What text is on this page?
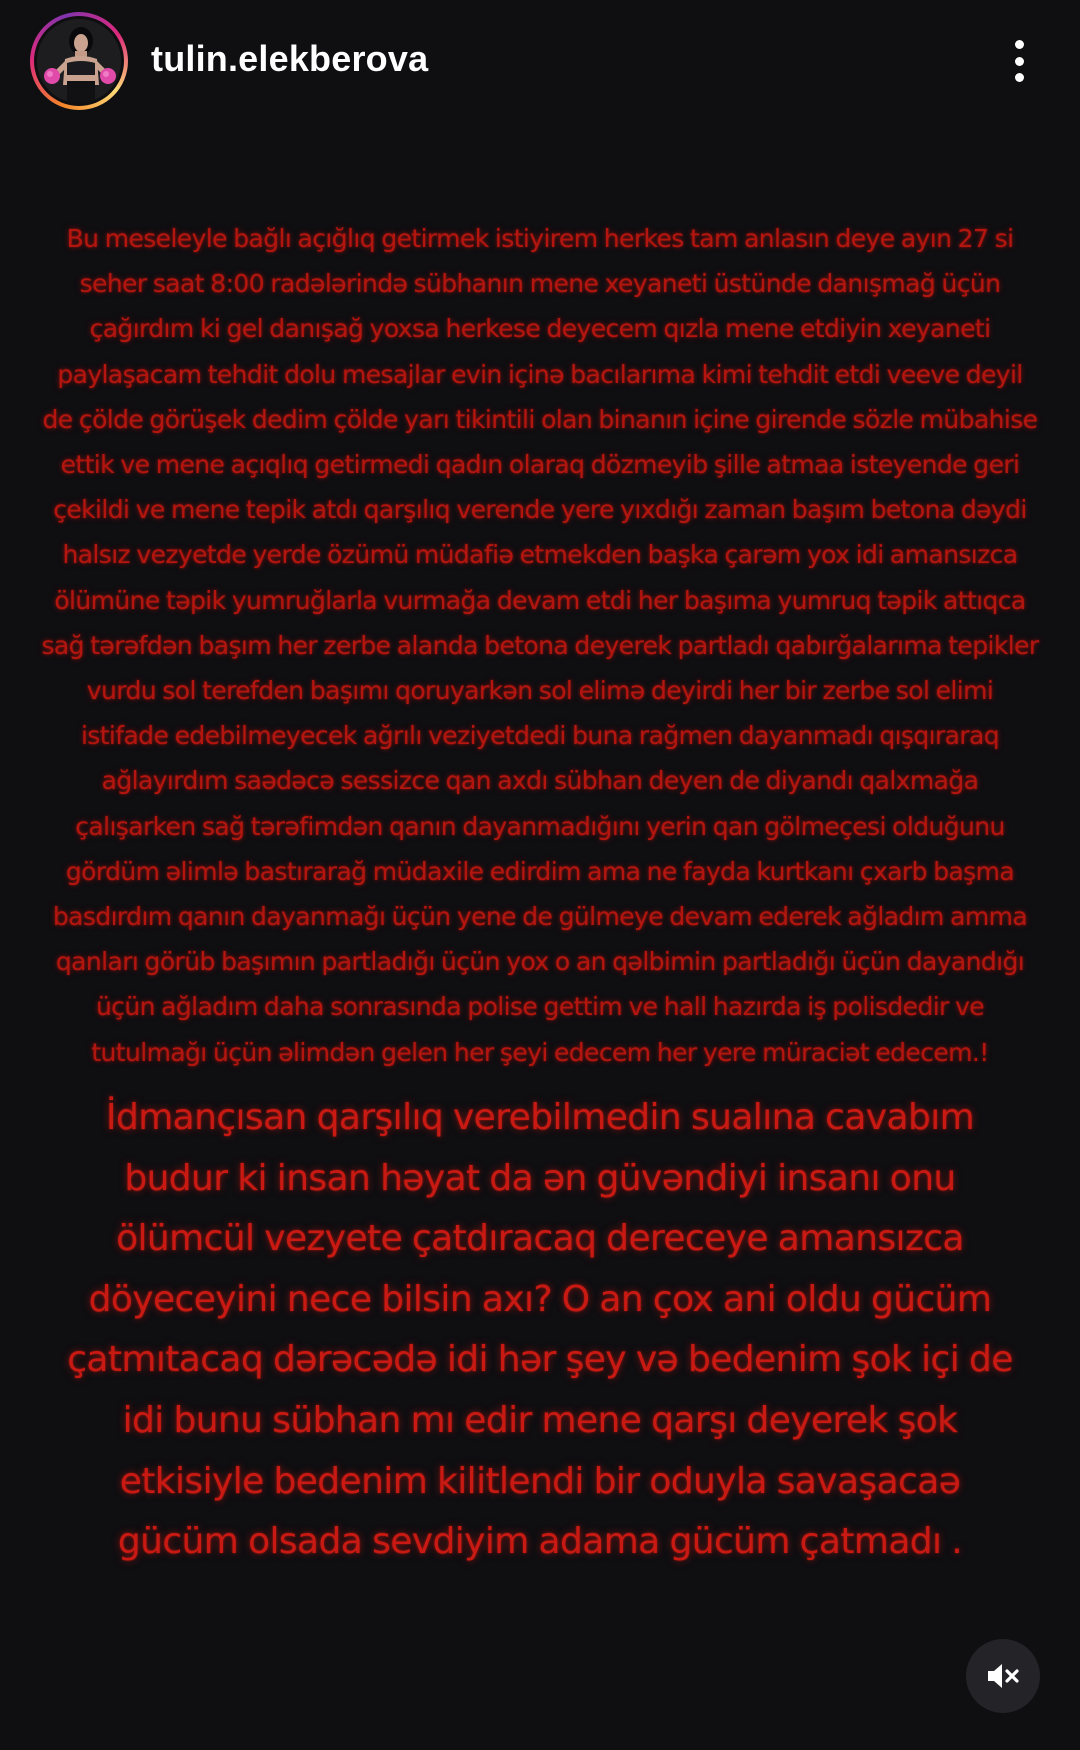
tulin.elekberova

Bu meseleyle bağlı açığlıq getirmek istiyirem herkes tam anlasın deye ayın 27 si seher saat 8:00 radələrində sübhanın mene xeyaneti üstünde danışmağ üçün çağırdım ki gel danışağ yoxsa herkese deyecem qızla mene etdiyin xeyaneti paylaşacam tehdit dolu mesajlar evin içinə bacılarıma kimi tehdit etdi veeve deyil de çölde görüşek dedim çölde yarı tikintili olan binanın içine girende sözle mübahise ettik ve mene açıqlıq getirmedi qadın olaraq dözmeyib şille atmaa isteyende geri çekildi ve mene tepik atdı qarşılıq verende yere yıxdığı zaman başım betona dəydi halsız vezyetde yerde özümü müdafiə etmekden başka çarəm yox idi amansızca ölümüne təpik yumruğlarla vurmağa devam etdi her başıma yumruq təpik attıqca sağ tərəfdən başım her zerbe alanda betona deyerek partladı qabırğalarıma tepikler vurdu sol terefden başımı qoruyarkən sol elimə deyirdi her bir zerbe sol elimi istifade edebilmeyecek ağrılı veziyetdedi buna rağmen dayanmadı qışqıraraq ağlayırdım saədəcə sessizce qan axdı sübhan deyen de diyandı qalxmağa çalışarken sağ tərəfimdən qanın dayanmadığını yerin qan gölmeçesi olduğunu gördüm əlimlə bastırarağ müdaxile edirdim ama ne fayda kurtkanı çxarb başma basdırdım qanın dayanmağı üçün yene de gülmeye devam ederek ağladım amma qanları görüb başımın partladığı üçün yox o an qəlbimin partladığı üçün dayandığı üçün ağladım daha sonrasında polise gettim ve hall hazırda iş polisdedir ve tutulmağı üçün əlimdən gelen her şeyi edecem her yere müraciət edecem.!

İdmançısan qarşılıq verebilmedin sualına cavabım budur ki insan həyat da ən güvəndiyi insanı onu ölümcül vezyete çatdıracaq dereceye amansızca döyeceyini nece bilsin axı? O an çox ani oldu gücüm çatmıtacaq dərəcədə idi hər şey və bedenim şok içi de idi bunu sübhan mı edir mene qarşı deyerek şok etkisiyle bedenim kilitlendi bir oduyla savaşacaə gücüm olsada sevdiyim adama gücüm çatmadı .
